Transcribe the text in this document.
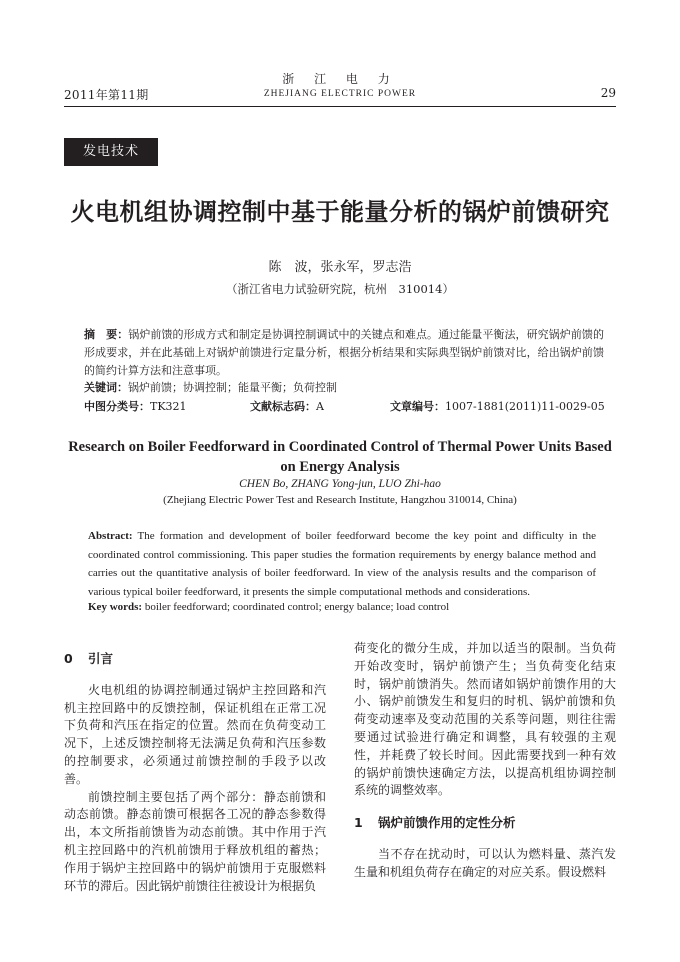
2011年第11期
浙 江 电 力
ZHEJIANG ELECTRIC POWER	29
发电技术
火电机组协调控制中基于能量分析的锅炉前馈研究
陈　波，张永军，罗志浩
（浙江省电力试验研究院，杭州　310014）
摘　要：锅炉前馈的形成方式和制定是协调控制调试中的关键点和难点。通过能量平衡法，研究锅炉前馈的形成要求，并在此基础上对锅炉前馈进行定量分析，根据分析结果和实际典型锅炉前馈对比，给出锅炉前馈的简约计算方法和注意事项。
关键词：锅炉前馈；协调控制；能量平衡；负荷控制
中图分类号：TK321	文献标志码：A	文章编号：1007-1881(2011)11-0029-05
Research on Boiler Feedforward in Coordinated Control of Thermal Power Units Based on Energy Analysis
CHEN Bo, ZHANG Yong-jun, LUO Zhi-hao
(Zhejiang Electric Power Test and Research Institute, Hangzhou 310014, China)
Abstract: The formation and development of boiler feedforward become the key point and difficulty in the coordinated control commissioning. This paper studies the formation requirements by energy balance method and carries out the quantitative analysis of boiler feedforward. In view of the analysis results and the comparison of various typical boiler feedforward, it presents the simple computational methods and considerations.
Key words: boiler feedforward; coordinated control; energy balance; load control
0 引言

火电机组的协调控制通过锅炉主控回路和汽机主控回路中的反馈控制，保证机组在正常工况下负荷和汽压在指定的位置。然而在负荷变动工况下，上述反馈控制将无法满足负荷和汽压参数的控制要求，必须通过前馈控制的手段予以改善。

前馈控制主要包括了两个部分：静态前馈和动态前馈。静态前馈可根据各工况的静态参数得出，本文所指前馈皆为动态前馈。其中作用于汽机主控回路中的汽机前馈用于释放机组的蓄热；作用于锅炉主控回路中的锅炉前馈用于克服燃料环节的滞后。因此锅炉前馈往往被设计为根据负

荷变化的微分生成，并加以适当的限制。当负荷开始改变时，锅炉前馈产生；当负荷变化结束时，锅炉前馈消失。然而诸如锅炉前馈作用的大小、锅炉前馈发生和复归的时机、锅炉前馈和负荷变动速率及变动范围的关系等问题，则往往需要通过试验进行确定和调整，具有较强的主观性，并耗费了较长时间。因此需要找到一种有效的锅炉前馈快速确定方法，以提高机组协调控制系统的调整效率。

1 锅炉前馈作用的定性分析

当不存在扰动时，可以认为燃料量、蒸汽发生量和机组负荷存在确定的对应关系。假设燃料
